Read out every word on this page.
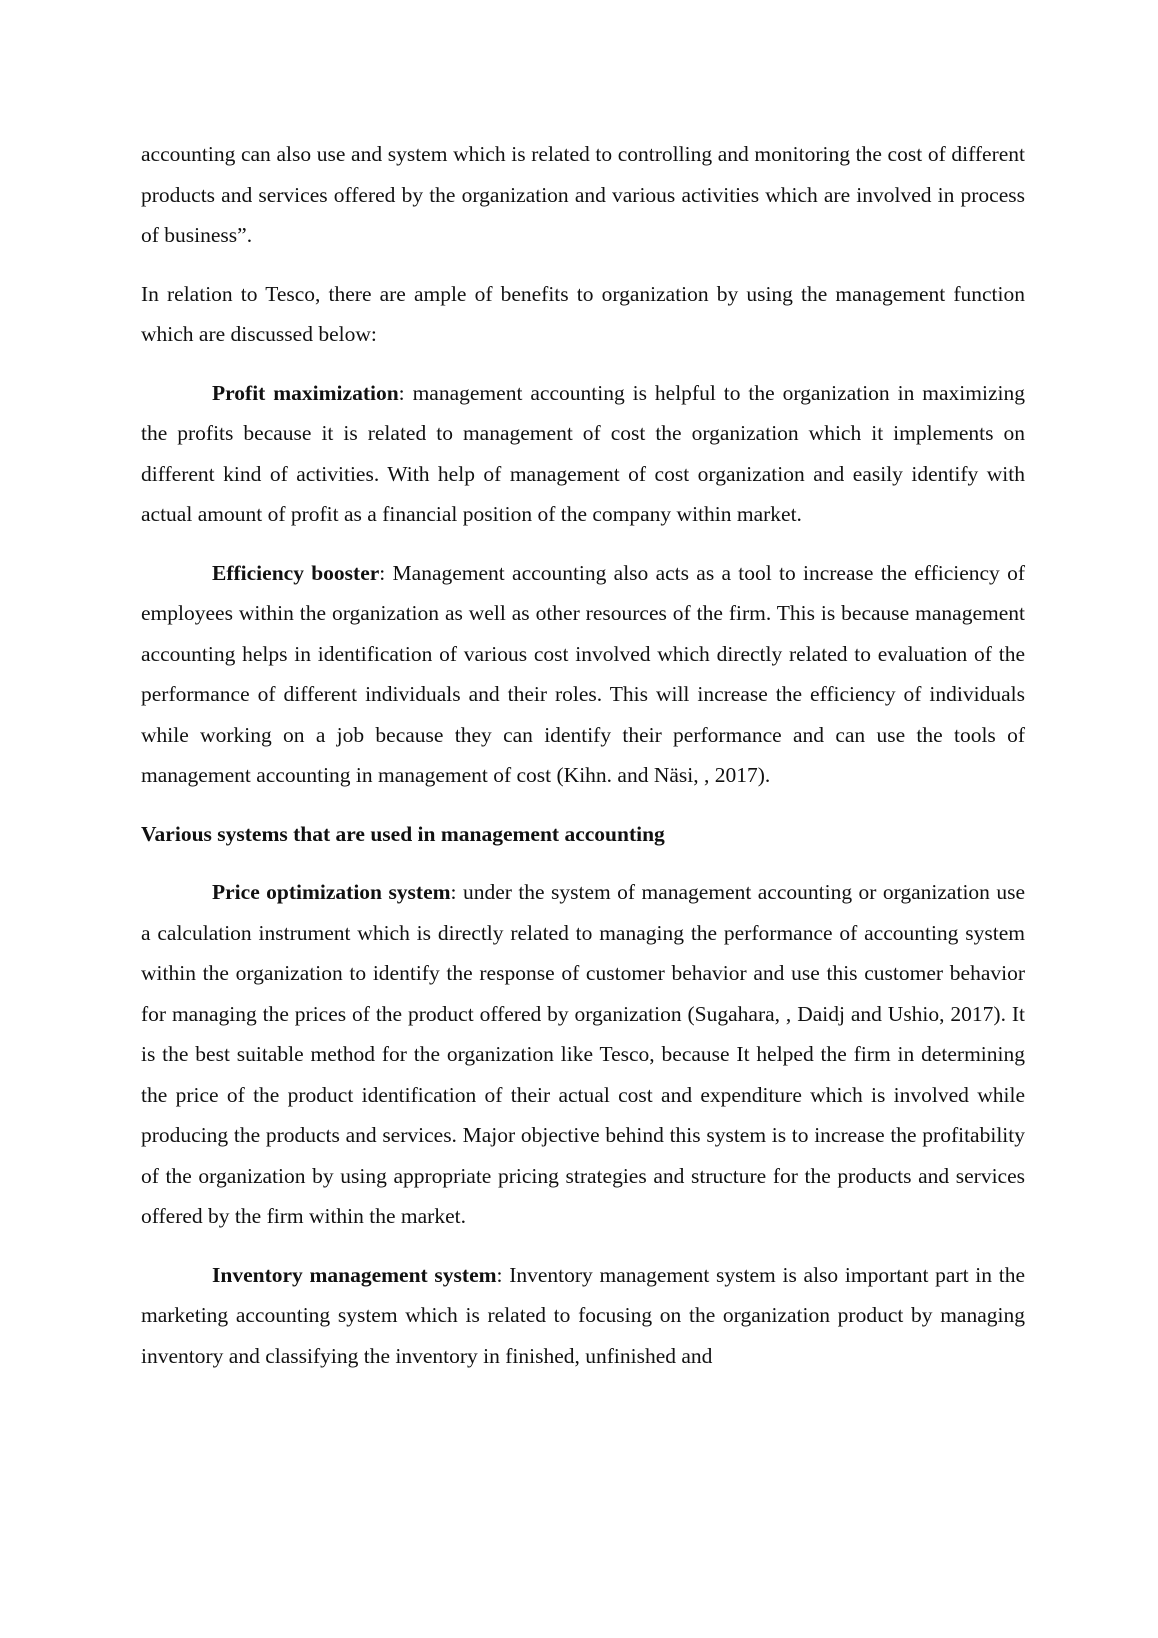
accounting can also use and system which is related to controlling and monitoring the cost of different products and services offered by the organization and various activities which are involved in process of business”.

In relation to Tesco, there are ample of benefits to organization by using the management function which are discussed below:

Profit maximization: management accounting is helpful to the organization in maximizing the profits because it is related to management of cost the organization which it implements on different kind of activities. With help of management of cost organization and easily identify with actual amount of profit as a financial position of the company within market.

Efficiency booster: Management accounting also acts as a tool to increase the efficiency of employees within the organization as well as other resources of the firm. This is because management accounting helps in identification of various cost involved which directly related to evaluation of the performance of different individuals and their roles. This will increase the efficiency of individuals while working on a job because they can identify their performance and can use the tools of management accounting in management of cost (Kihn. and Näsi, , 2017).

Various systems that are used in management accounting

Price optimization system: under the system of management accounting or organization use a calculation instrument which is directly related to managing the performance of accounting system within the organization to identify the response of customer behavior and use this customer behavior for managing the prices of the product offered by organization (Sugahara, , Daidj and Ushio, 2017). It is the best suitable method for the organization like Tesco, because It helped the firm in determining the price of the product identification of their actual cost and expenditure which is involved while producing the products and services. Major objective behind this system is to increase the profitability of the organization by using appropriate pricing strategies and structure for the products and services offered by the firm within the market.

Inventory management system: Inventory management system is also important part in the marketing accounting system which is related to focusing on the organization product by managing inventory and classifying the inventory in finished, unfinished and
